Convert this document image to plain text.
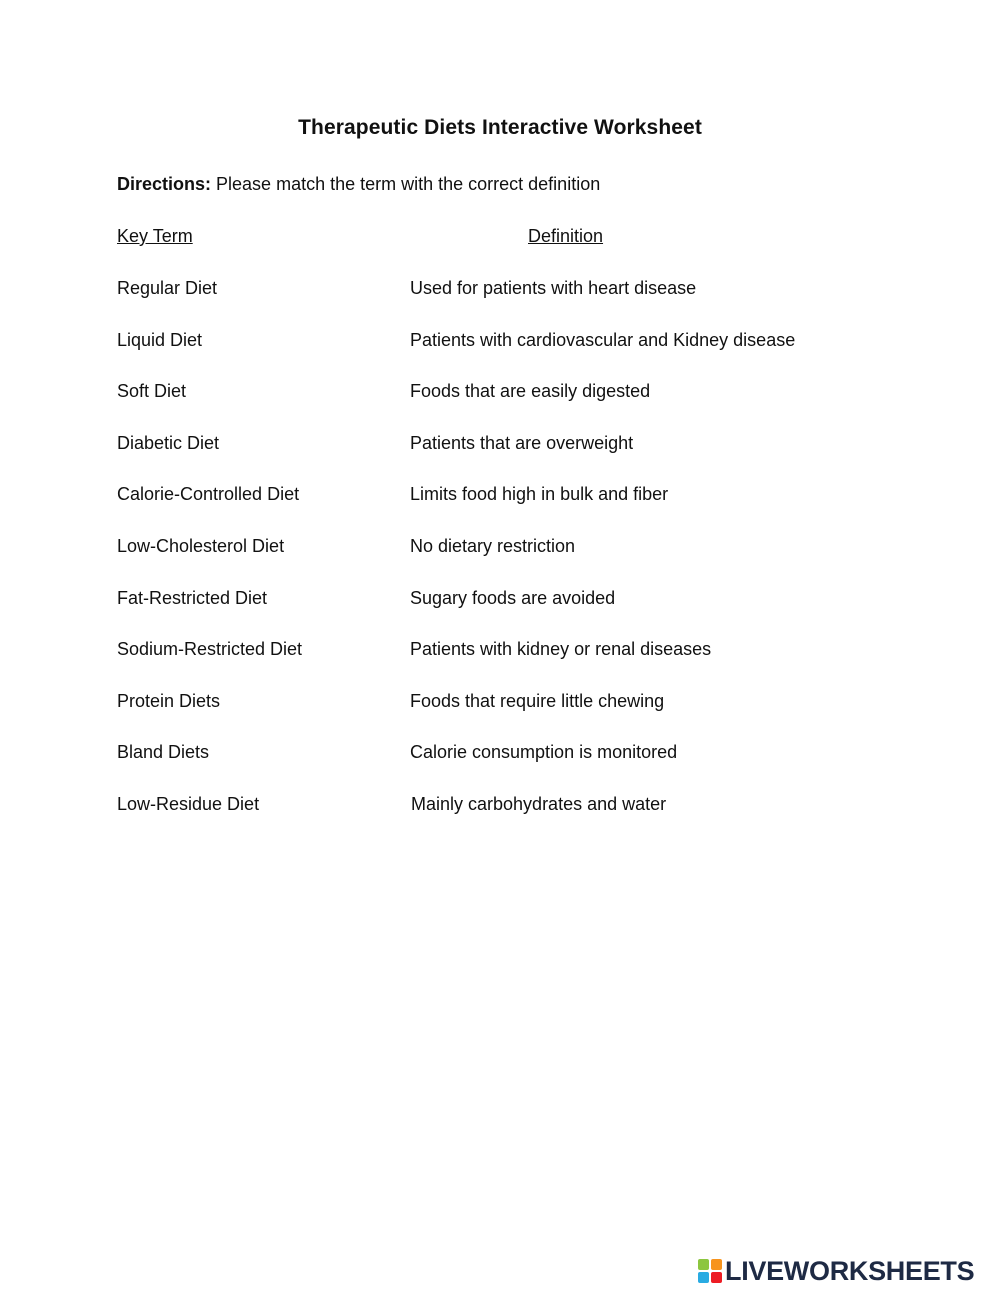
Therapeutic Diets Interactive Worksheet
Directions: Please match the term with the correct definition
Key Term	Definition
Regular Diet	Used for patients with heart disease
Liquid Diet	Patients with cardiovascular and Kidney disease
Soft Diet	Foods that are easily digested
Diabetic Diet	Patients that are overweight
Calorie-Controlled Diet	Limits food high in bulk and fiber
Low-Cholesterol Diet	No dietary restriction
Fat-Restricted Diet	Sugary foods are avoided
Sodium-Restricted Diet	Patients with kidney or renal diseases
Protein Diets	Foods that require little chewing
Bland Diets	Calorie consumption is monitored
Low-Residue Diet	Mainly carbohydrates and water
LIVEWORKSHEETS
